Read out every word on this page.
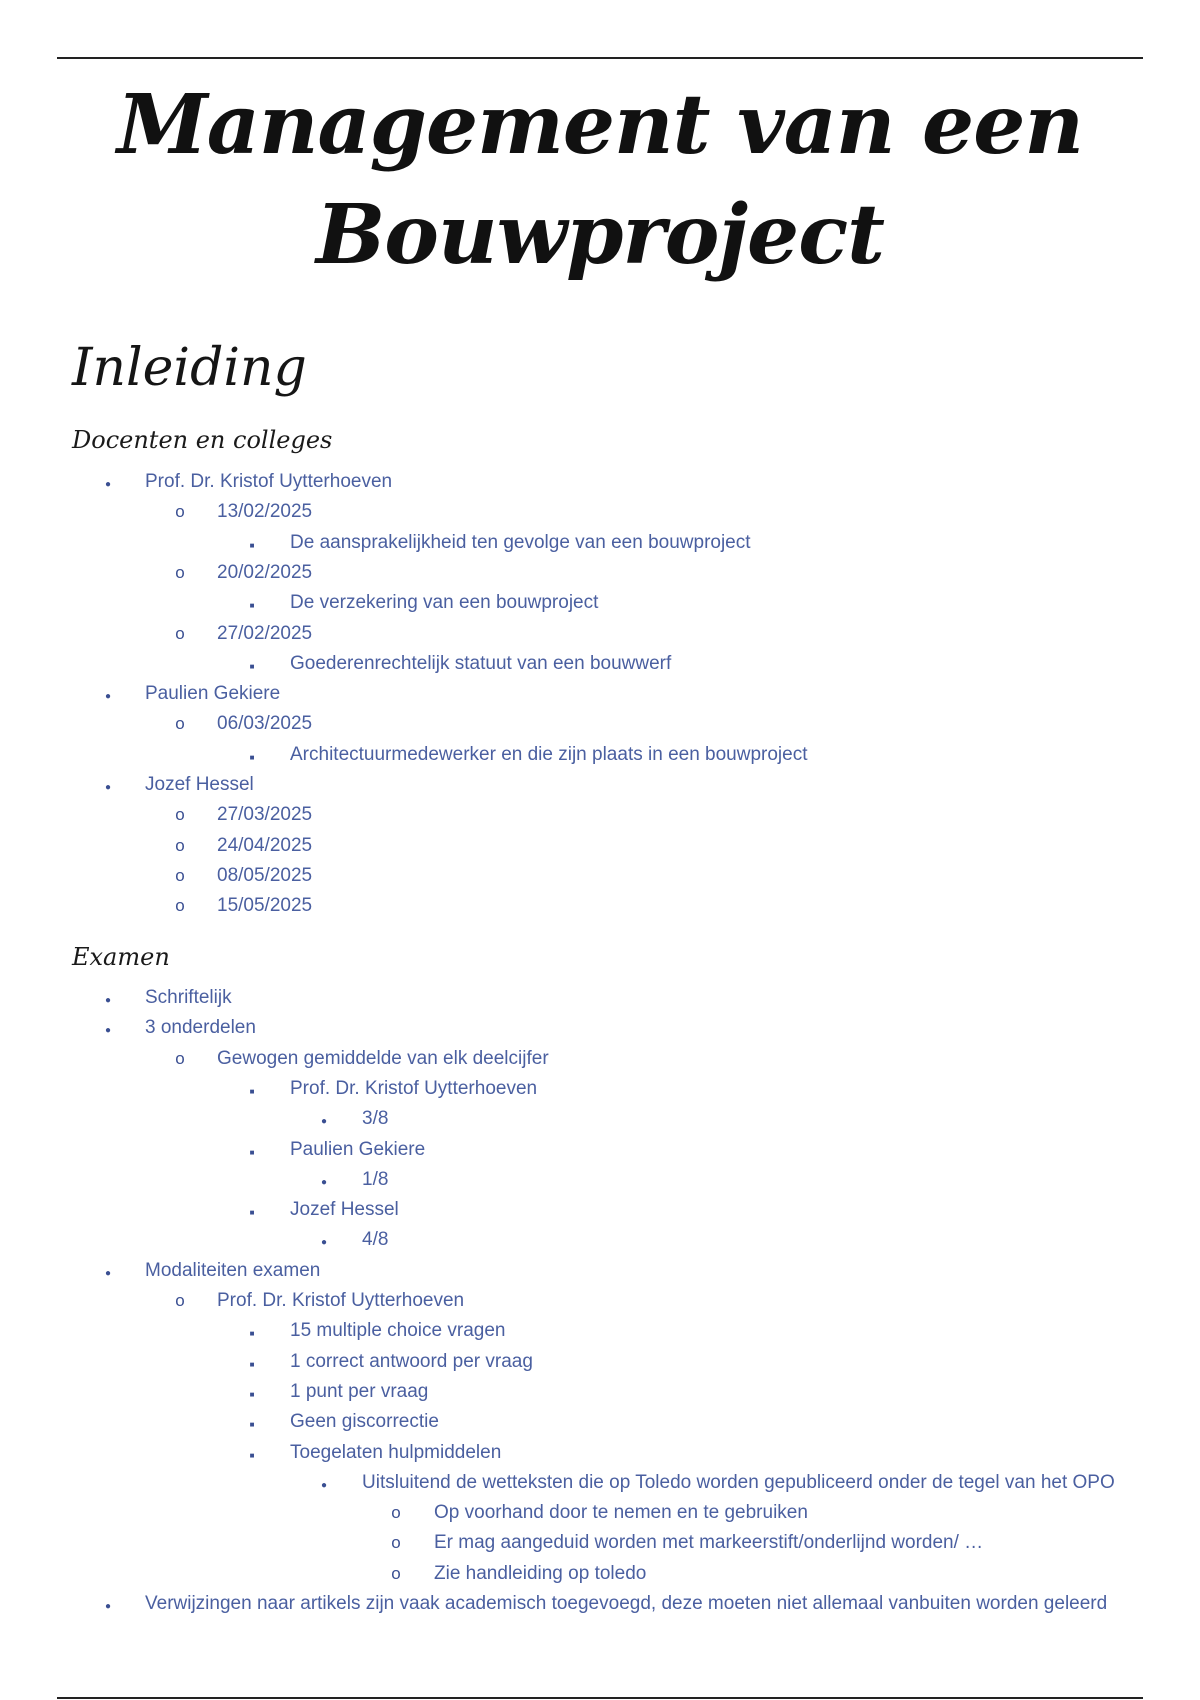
Management van een
Bouwproject
Inleiding
Docenten en colleges
●
Prof. Dr. Kristof Uytterhoeven
o
13/02/2025
■
De aansprakelijkheid ten gevolge van een bouwproject
o
20/02/2025
■
De verzekering van een bouwproject
o
27/02/2025
■
Goederenrechtelijk statuut van een bouwwerf
●
Paulien Gekiere
o
06/03/2025
■
Architectuurmedewerker en die zijn plaats in een bouwproject
●
Jozef Hessel
o
27/03/2025
o
24/04/2025
o
08/05/2025
o
15/05/2025
Examen
●
Schriftelijk
●
3 onderdelen
o
Gewogen gemiddelde van elk deelcijfer
■
Prof. Dr. Kristof Uytterhoeven
●
3/8
■
Paulien Gekiere
●
1/8
■
Jozef Hessel
●
4/8
●
Modaliteiten examen
o
Prof. Dr. Kristof Uytterhoeven
■
15 multiple choice vragen
■
1 correct antwoord per vraag
■
1 punt per vraag
■
Geen giscorrectie
■
Toegelaten hulpmiddelen
●
Uitsluitend de wetteksten die op Toledo worden gepubliceerd onder de tegel van het OPO
o
Op voorhand door te nemen en te gebruiken
o
Er mag aangeduid worden met markeerstift/onderlijnd worden/ …
o
Zie handleiding op toledo
●
Verwijzingen naar artikels zijn vaak academisch toegevoegd, deze moeten niet allemaal vanbuiten worden geleerd
